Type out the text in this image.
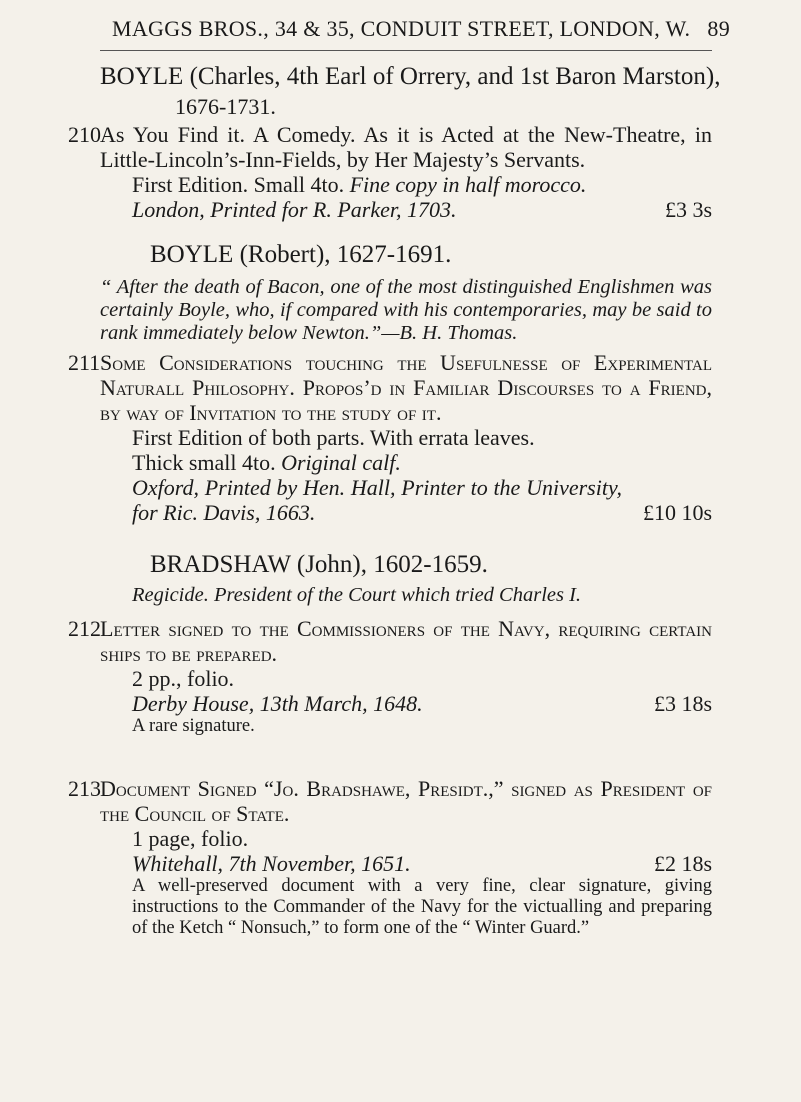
MAGGS BROS., 34 & 35, CONDUIT STREET, LONDON, W. 89
BOYLE (Charles, 4th Earl of Orrery, and 1st Baron Marston),
1676-1731.
210 As You Find it. A Comedy. As it is Acted at the New-Theatre, in Little-Lincoln’s-Inn-Fields, by Her Majesty’s Servants.

First Edition. Small 4to. Fine copy in half morocco.

London, Printed for R. Parker, 1703.	£3 3s

BOYLE (Robert), 1627-1691.
“ After the death of Bacon, one of the most distinguished Englishmen was certainly Boyle, who, if compared with his contemporaries, may be said to rank immediately below Newton.”—B. H. Thomas.
211 Some Considerations touching the Usefulnesse of Experimental Naturall Philosophy. Propos’d in Familiar Discourses to a Friend, by way of Invitation to the study of it.

First Edition of both parts. With errata leaves.

Thick small 4to. Original calf.

Oxford, Printed by Hen. Hall, Printer to the University, for Ric. Davis, 1663.	£10 10s
BRADSHAW (John), 1602-1659.
Regicide. President of the Court which tried Charles I.
212 Letter signed to the Commissioners of the Navy, requiring certain ships to be prepared.

2 pp., folio.

Derby House, 13th March, 1648.	£3 18s

A rare signature.

213 Document Signed “Jo. Bradshawe, Presidt.,” signed as President of the Council of State.

1 page, folio.

Whitehall, 7th November, 1651.	£2 18s

A well-preserved document with a very fine, clear signature, giving instructions to the Commander of the Navy for the victualling and preparing of the Ketch “ Nonsuch,” to form one of the “ Winter Guard.”
